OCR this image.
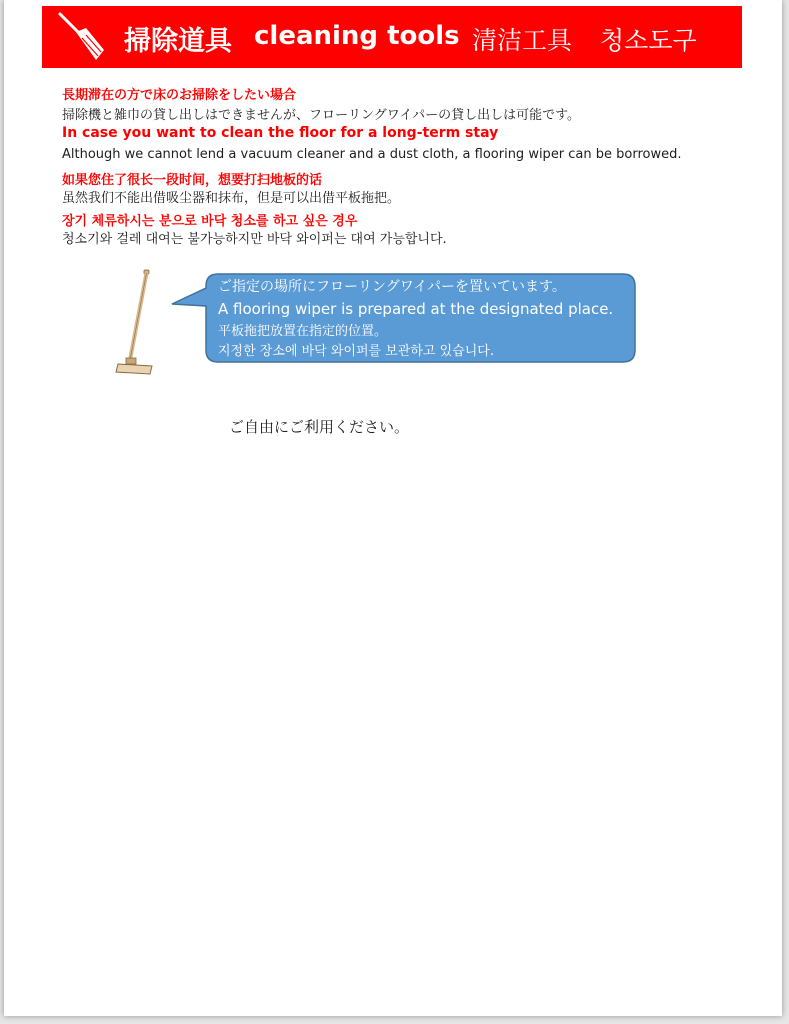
掃除道具 cleaning tools 清洁工具 청소도구
長期滞在の方で床のお掃除をしたい場合
掃除機と雑巾の貸し出しはできませんが、フローリングワイパーの貸し出しは可能です。
In case you want to clean the floor for a long-term stay
Although we cannot lend a vacuum cleaner and a dust cloth, a flooring wiper can be borrowed.
如果您住了很长一段时间，想要打扫地板的话
虽然我们不能出借吸尘器和抹布，但是可以出借平板拖把。
장기 체류하시는 분으로 바닥 청소를 하고 싶은 경우
청소기와 걸레 대여는 불가능하지만 바닥 와이퍼는 대여 가능합니다.
ご指定の場所にフローリングワイパーを置いています。
A flooring wiper is prepared at the designated place.
平板拖把放置在指定的位置。
지정한 장소에 바닥 와이퍼를 보관하고 있습니다.
ご自由にご利用ください。
